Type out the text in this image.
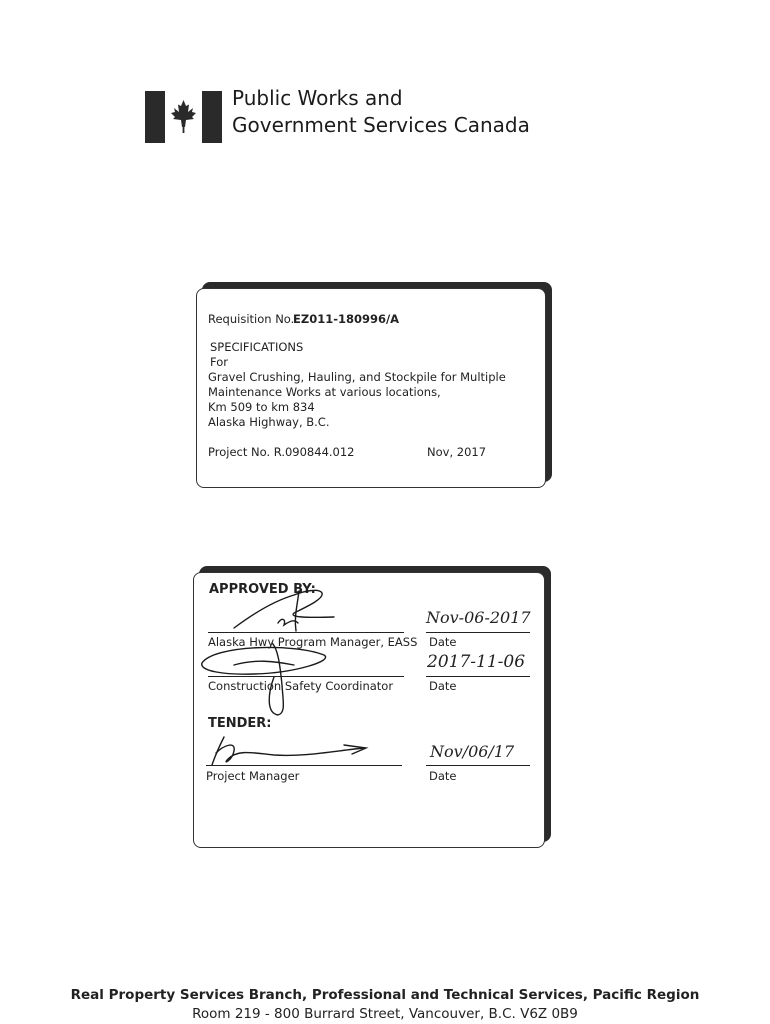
Public Works and
Government Services Canada
Requisition No.
EZ011-180996/A
SPECIFICATIONS
For
Gravel Crushing, Hauling, and Stockpile for Multiple
Maintenance Works at various locations,
Km 509 to km 834
Alaska Highway, B.C.
Project No. R.090844.012	Nov, 2017
APPROVED BY:
Alaska Hwy Program Manager, EASS Date
Nov-06-2017
Construction Safety Coordinator	Date
2017-11-06
TENDER:
Project Manager	Date
Nov/06/17
Real Property Services Branch, Professional and Technical Services, Pacific Region
Room 219 - 800 Burrard Street, Vancouver, B.C. V6Z 0B9
